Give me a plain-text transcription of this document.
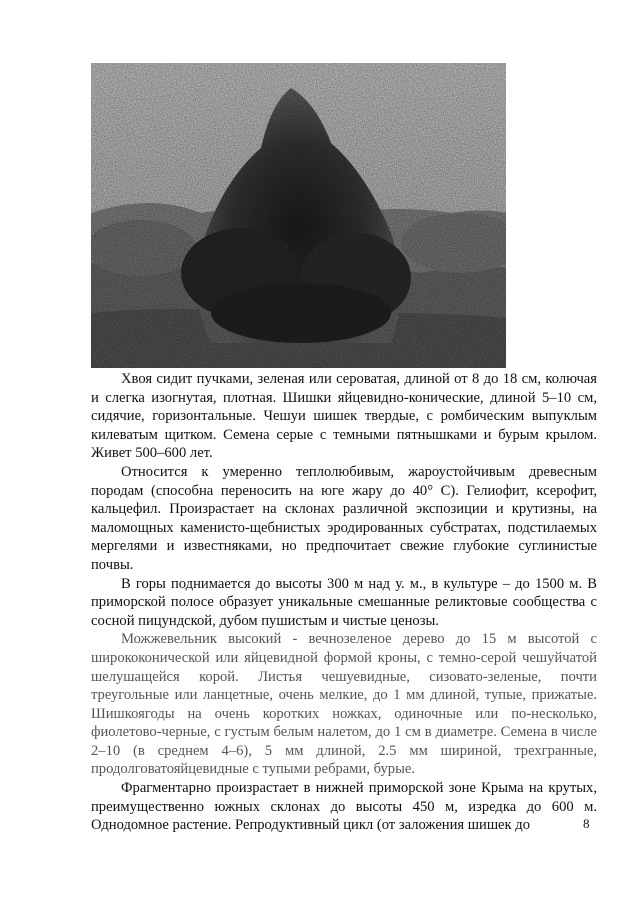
Хвоя сидит пучками, зеленая или сероватая, длиной от 8 до 18 см, колючая и слегка изогнутая, плотная. Шишки яйцевидно-конические, длиной 5–10 см, сидячие, горизонтальные. Чешуи шишек твердые, с ромбическим выпуклым килеватым щитком. Семена серые с темными пятнышками и бурым крылом. Живет 500–600 лет.

Относится к умеренно теплолюбивым, жароустойчивым древесным породам (способна переносить на юге жару до 40° С). Гелиофит, ксерофит, кальцефил. Произрастает на склонах различной экспозиции и крутизны, на маломощных каменисто-щебнистых эродированных субстратах, подстилаемых мергелями и известняками, но предпочитает свежие глубокие суглинистые почвы.

В горы поднимается до высоты 300 м над у. м., в культуре – до 1500 м. В приморской полосе образует уникальные смешанные реликтовые сообщества с сосной пицундской, дубом пушистым и чистые ценозы.

Можжевельник высокий - вечнозеленое дерево до 15 м высотой с ширококонической или яйцевидной формой кроны, с темно-серой чешуйчатой шелушащейся корой. Листья чешуевидные, сизовато-зеленые, почти треугольные или ланцетные, очень мелкие, до 1 мм длиной, тупые, прижатые. Шишкоягоды на очень коротких ножках, одиночные или по-несколько, фиолетово-черные, с густым белым налетом, до 1 см в диаметре. Семена в числе 2–10 (в среднем 4–6), 5 мм длиной, 2.5 мм шириной, трехгранные, продолговатояйцевидные с тупыми ребрами, бурые.

Фрагментарно произрастает в нижней приморской зоне Крыма на крутых, преимущественно южных склонах до высоты 450 м, изредка до 600 м. Однодомное растение. Репродуктивный цикл (от заложения шишек до	8
